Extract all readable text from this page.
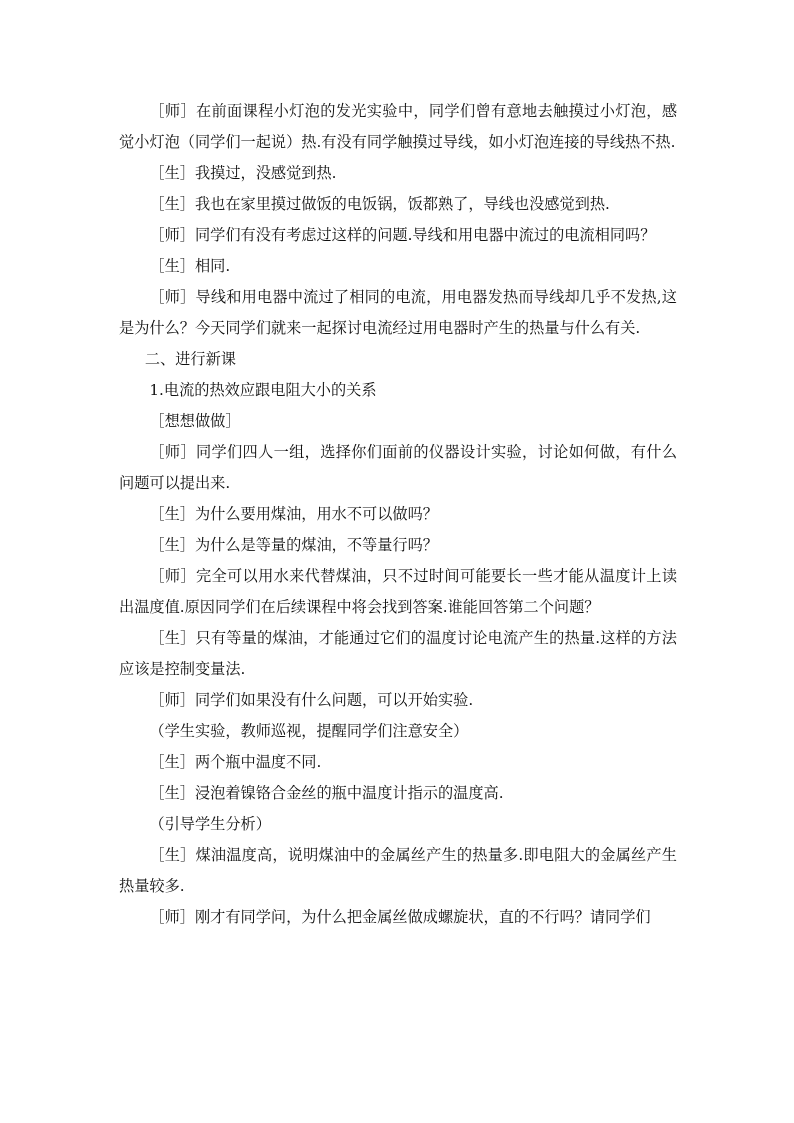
［师］在前面课程小灯泡的发光实验中，同学们曾有意地去触摸过小灯泡，感觉小灯泡（同学们一起说）热.有没有同学触摸过导线，如小灯泡连接的导线热不热.

［生］我摸过，没感觉到热.

［生］我也在家里摸过做饭的电饭锅，饭都熟了，导线也没感觉到热.

［师］同学们有没有考虑过这样的问题.导线和用电器中流过的电流相同吗？

［生］相同.

［师］导线和用电器中流过了相同的电流，用电器发热而导线却几乎不发热,这是为什么？今天同学们就来一起探讨电流经过用电器时产生的热量与什么有关.

二、进行新课

1.电流的热效应跟电阻大小的关系

［想想做做］

［师］同学们四人一组，选择你们面前的仪器设计实验，讨论如何做，有什么问题可以提出来.

［生］为什么要用煤油，用水不可以做吗？

［生］为什么是等量的煤油，不等量行吗？

［师］完全可以用水来代替煤油，只不过时间可能要长一些才能从温度计上读出温度值.原因同学们在后续课程中将会找到答案.谁能回答第二个问题？

［生］只有等量的煤油，才能通过它们的温度讨论电流产生的热量.这样的方法应该是控制变量法.

［师］同学们如果没有什么问题，可以开始实验.

（学生实验，教师巡视，提醒同学们注意安全）

［生］两个瓶中温度不同.

［生］浸泡着镍铬合金丝的瓶中温度计指示的温度高.

（引导学生分析）

［生］煤油温度高，说明煤油中的金属丝产生的热量多.即电阻大的金属丝产生热量较多.

［师］刚才有同学问，为什么把金属丝做成螺旋状，直的不行吗？请同学们
